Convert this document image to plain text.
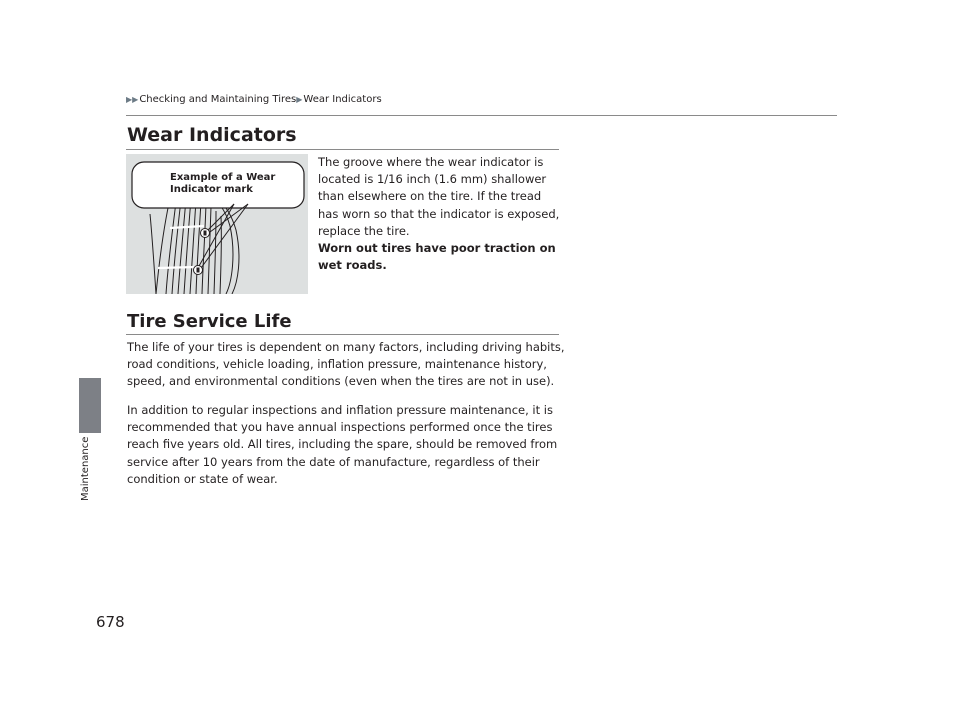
▶▶Checking and Maintaining Tires▶Wear Indicators
Maintenance
678
Wear Indicators
Example of a Wear Indicator mark
The groove where the wear indicator is located is 1/16 inch (1.6 mm) shallower than elsewhere on the tire. If the tread has worn so that the indicator is exposed, replace the tire.
Worn out tires have poor traction on wet roads.
Tire Service Life

The life of your tires is dependent on many factors, including driving habits, road conditions, vehicle loading, inflation pressure, maintenance history, speed, and environmental conditions (even when the tires are not in use).

In addition to regular inspections and inflation pressure maintenance, it is recommended that you have annual inspections performed once the tires reach five years old. All tires, including the spare, should be removed from service after 10 years from the date of manufacture, regardless of their condition or state of wear.
